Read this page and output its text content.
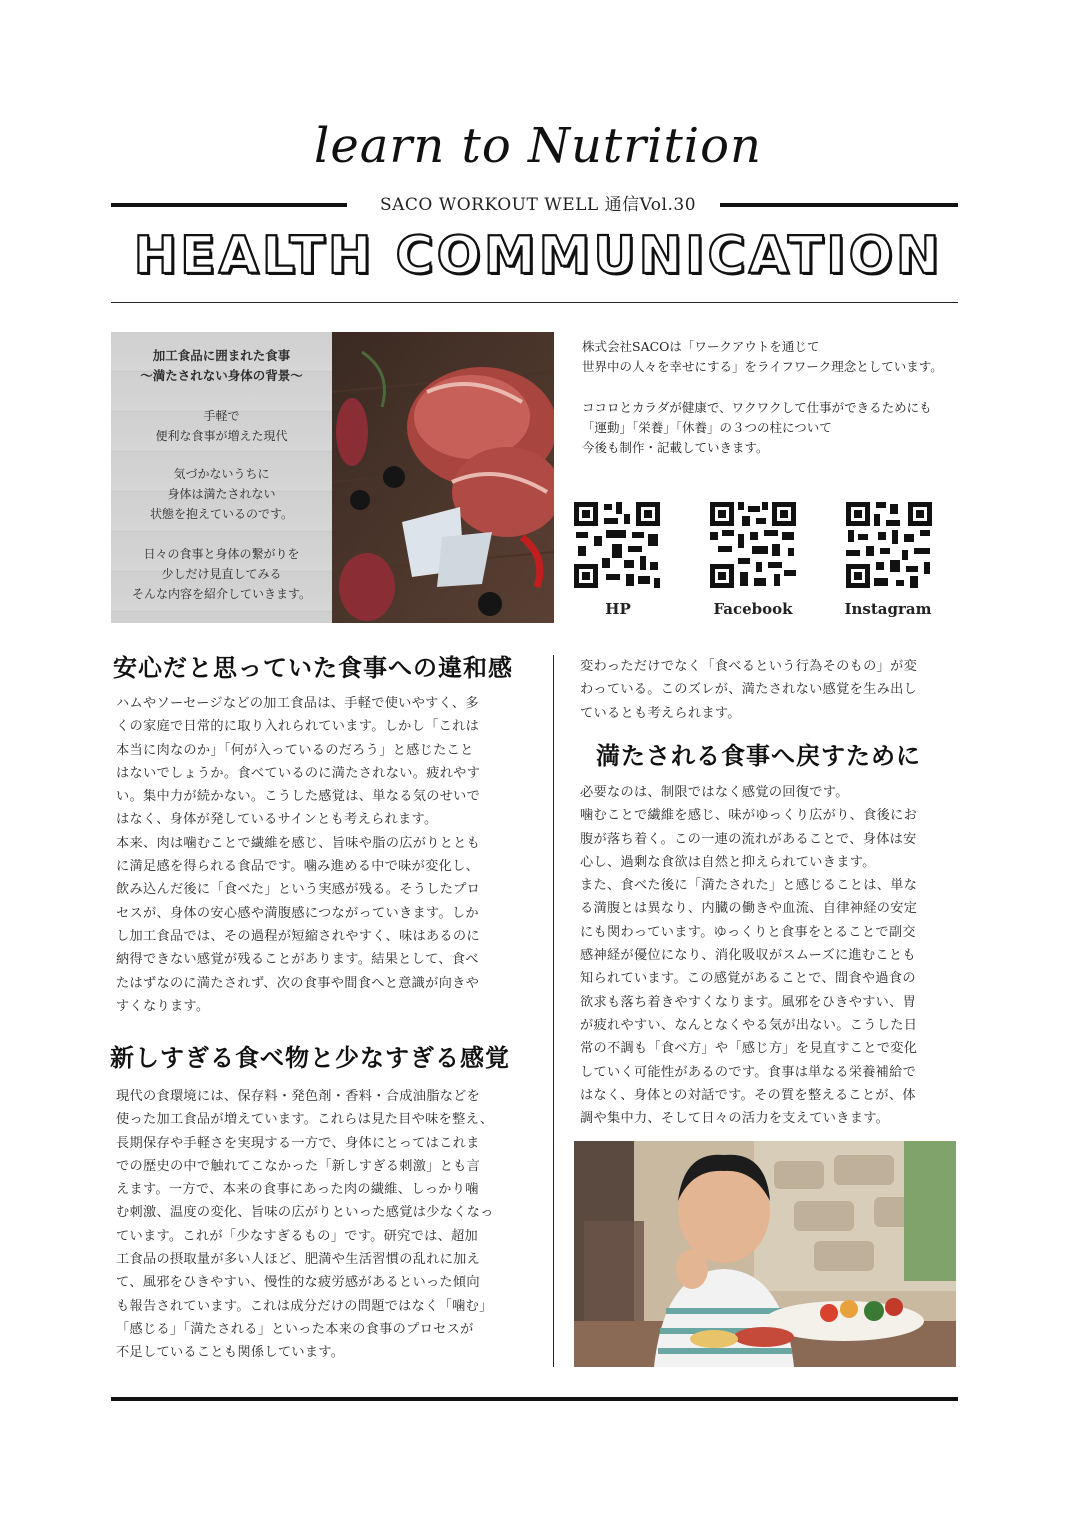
learn to Nutrition
SACO WORKOUT WELL 通信Vol.30
HEALTH COMMUNICATION
加工食品に囲まれた食事
〜満たされない身体の背景〜
手軽で
便利な食事が増えた現代
気づかないうちに
身体は満たされない
状態を抱えているのです。
日々の食事と身体の繋がりを
少しだけ見直してみる
そんな内容を紹介していきます。
株式会社SACOは「ワークアウトを通じて
世界中の人々を幸せにする」をライフワーク理念としています。
ココロとカラダが健康で、ワクワクして仕事ができるためにも
「運動」「栄養」「休養」の３つの柱について
今後も制作・記載していきます。
HP	Facebook	Instagram
安心だと思っていた食事への違和感
ハムやソーセージなどの加工食品は、手軽で使いやすく、多
くの家庭で日常的に取り入れられています。しかし「これは
本当に肉なのか」「何が入っているのだろう」と感じたこと
はないでしょうか。食べているのに満たされない。疲れやす
い。集中力が続かない。こうした感覚は、単なる気のせいで
はなく、身体が発しているサインとも考えられます。
本来、肉は噛むことで繊維を感じ、旨味や脂の広がりととも
に満足感を得られる食品です。噛み進める中で味が変化し、
飲み込んだ後に「食べた」という実感が残る。そうしたプロ
セスが、身体の安心感や満腹感につながっていきます。しか
し加工食品では、その過程が短縮されやすく、味はあるのに
納得できない感覚が残ることがあります。結果として、食べ
たはずなのに満たされず、次の食事や間食へと意識が向きや
すくなります。
新しすぎる食べ物と少なすぎる感覚
現代の食環境には、保存料・発色剤・香料・合成油脂などを
使った加工食品が増えています。これらは見た目や味を整え、
長期保存や手軽さを実現する一方で、身体にとってはこれま
での歴史の中で触れてこなかった「新しすぎる刺激」とも言
えます。一方で、本来の食事にあった肉の繊維、しっかり噛
む刺激、温度の変化、旨味の広がりといった感覚は少なくなっ
ています。これが「少なすぎるもの」です。研究では、超加
工食品の摂取量が多い人ほど、肥満や生活習慣の乱れに加え
て、風邪をひきやすい、慢性的な疲労感があるといった傾向
も報告されています。これは成分だけの問題ではなく「噛む」
「感じる」「満たされる」といった本来の食事のプロセスが
不足していることも関係しています。
変わっただけでなく「食べるという行為そのもの」が変
わっている。このズレが、満たされない感覚を生み出し
ているとも考えられます。
満たされる食事へ戻すために
必要なのは、制限ではなく感覚の回復です。
噛むことで繊維を感じ、味がゆっくり広がり、食後にお
腹が落ち着く。この一連の流れがあることで、身体は安
心し、過剰な食欲は自然と抑えられていきます。
また、食べた後に「満たされた」と感じることは、単な
る満腹とは異なり、内臓の働きや血流、自律神経の安定
にも関わっています。ゆっくりと食事をとることで副交
感神経が優位になり、消化吸収がスムーズに進むことも
知られています。この感覚があることで、間食や過食の
欲求も落ち着きやすくなります。風邪をひきやすい、胃
が疲れやすい、なんとなくやる気が出ない。こうした日
常の不調も「食べ方」や「感じ方」を見直すことで変化
していく可能性があるのです。食事は単なる栄養補給で
はなく、身体との対話です。その質を整えることが、体
調や集中力、そして日々の活力を支えていきます。
